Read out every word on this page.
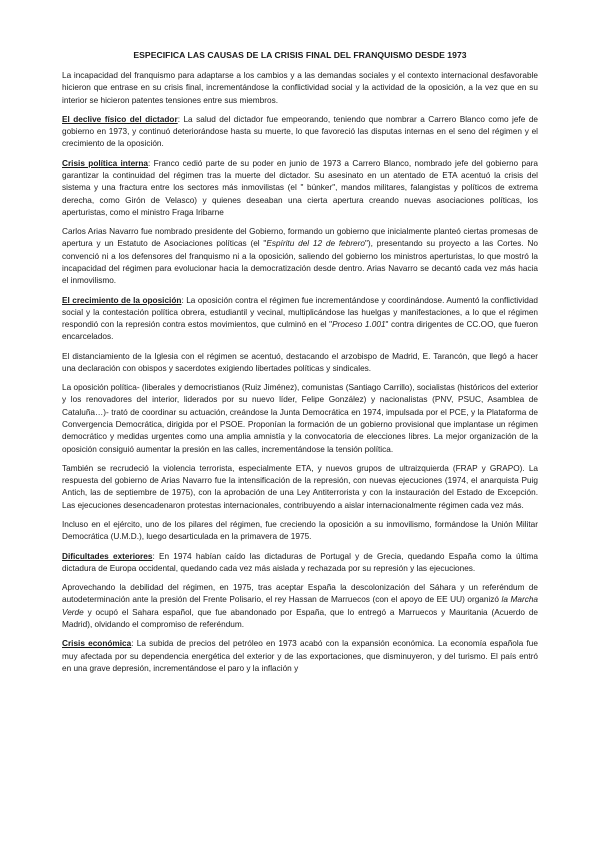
ESPECIFICA LAS CAUSAS DE LA CRISIS FINAL DEL FRANQUISMO DESDE 1973

La incapacidad del franquismo para adaptarse a los cambios y a las demandas sociales y el contexto internacional desfavorable hicieron que entrase en su crisis final, incrementándose la conflictividad social y la actividad de la oposición, a la vez que en su interior se hicieron patentes tensiones entre sus miembros.

El declive físico del dictador: La salud del dictador fue empeorando, teniendo que nombrar a Carrero Blanco como jefe de gobierno en 1973, y continuó deteriorándose hasta su muerte, lo que favoreció las disputas internas en el seno del régimen y el crecimiento de la oposición.

Crisis política interna: Franco cedió parte de su poder en junio de 1973 a Carrero Blanco, nombrado jefe del gobierno para garantizar la continuidad del régimen tras la muerte del dictador. Su asesinato en un atentado de ETA acentuó la crisis del sistema y una fractura entre los sectores más inmovilistas (el " búnker", mandos militares, falangistas y políticos de extrema derecha, como Girón de Velasco) y quienes deseaban una cierta apertura creando nuevas asociaciones políticas, los aperturistas, como el ministro Fraga Iribarne

Carlos Arias Navarro fue nombrado presidente del Gobierno, formando un gobierno que inicialmente planteó ciertas promesas de apertura y un Estatuto de Asociaciones políticas (el "Espíritu del 12 de febrero"), presentando su proyecto a las Cortes. No convenció ni a los defensores del franquismo ni a la oposición, saliendo del gobierno los ministros aperturistas, lo que mostró la incapacidad del régimen para evolucionar hacia la democratización desde dentro. Arias Navarro se decantó cada vez más hacia el inmovilismo.

El crecimiento de la oposición: La oposición contra el régimen fue incrementándose y coordinándose. Aumentó la conflictividad social y la contestación política obrera, estudiantil y vecinal, multiplicándose las huelgas y manifestaciones, a lo que el régimen respondió con la represión contra estos movimientos, que culminó en el "Proceso 1.001" contra dirigentes de CC.OO, que fueron encarcelados.

El distanciamiento de la Iglesia con el régimen se acentuó, destacando el arzobispo de Madrid, E. Tarancón, que llegó a hacer una declaración con obispos y sacerdotes exigiendo libertades políticas y sindicales.

La oposición política- (liberales y democristianos (Ruiz Jiménez), comunistas (Santiago Carrillo), socialistas (históricos del exterior y los renovadores del interior, liderados por su nuevo líder, Felipe González) y nacionalistas (PNV, PSUC, Asamblea de Cataluña…)- trató de coordinar su actuación, creándose la Junta Democrática en 1974, impulsada por el PCE, y la Plataforma de Convergencia Democrática, dirigida por el PSOE. Proponían la formación de un gobierno provisional que implantase un régimen democrático y medidas urgentes como una amplia amnistía y la convocatoria de elecciones libres. La mejor organización de la oposición consiguió aumentar la presión en las calles, incrementándose la tensión política.

También se recrudeció la violencia terrorista, especialmente ETA, y nuevos grupos de ultraizquierda (FRAP y GRAPO). La respuesta del gobierno de Arias Navarro fue la intensificación de la represión, con nuevas ejecuciones (1974, el anarquista Puig Antich, las de septiembre de 1975), con la aprobación de una Ley Antiterrorista y con la instauración del Estado de Excepción. Las ejecuciones desencadenaron protestas internacionales, contribuyendo a aislar internacionalmente régimen cada vez más.

Incluso en el ejército, uno de los pilares del régimen, fue creciendo la oposición a su inmovilismo, formándose la Unión Militar Democrática (U.M.D.), luego desarticulada en la primavera de 1975.

Dificultades exteriores: En 1974 habían caído las dictaduras de Portugal y de Grecia, quedando España como la última dictadura de Europa occidental, quedando cada vez más aislada y rechazada por su represión y las ejecuciones.

Aprovechando la debilidad del régimen, en 1975, tras aceptar España la descolonización del Sáhara y un referéndum de autodeterminación ante la presión del Frente Polisario, el rey Hassan de Marruecos (con el apoyo de EE UU) organizó la Marcha Verde y ocupó el Sahara español, que fue abandonado por España, que lo entregó a Marruecos y Mauritania (Acuerdo de Madrid), olvidando el compromiso de referéndum.

Crisis económica: La subida de precios del petróleo en 1973 acabó con la expansión económica. La economía española fue muy afectada por su dependencia energética del exterior y de las exportaciones, que disminuyeron, y del turismo. El país entró en una grave depresión, incrementándose el paro y la inflación y
